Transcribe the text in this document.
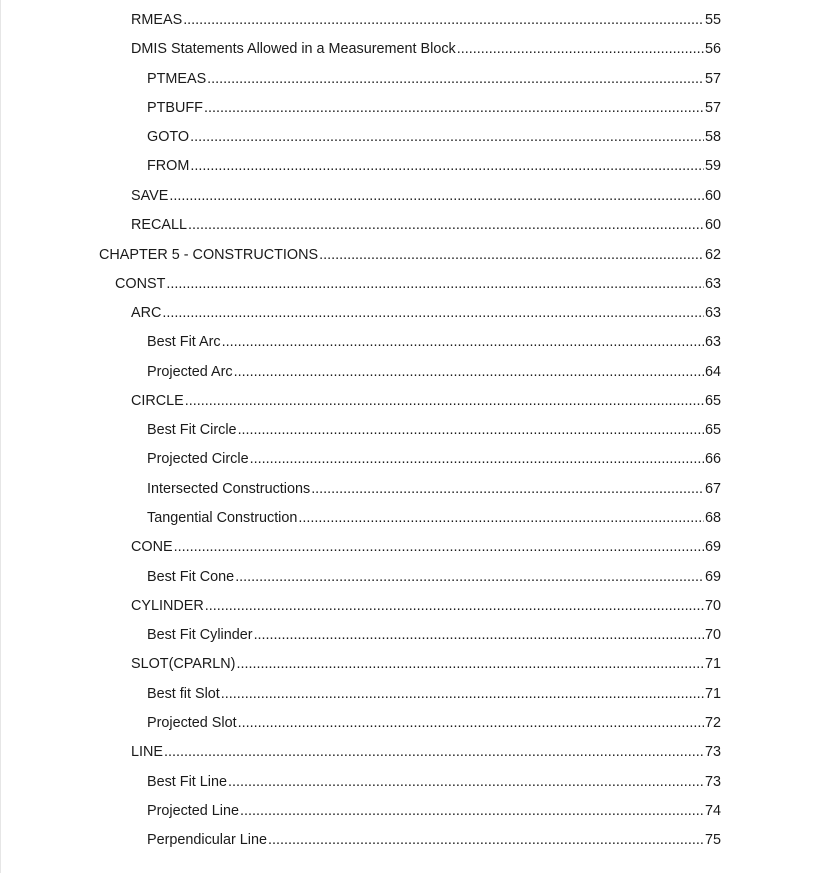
RMEAS .....	55
DMIS Statements Allowed in a Measurement Block .....	56
PTMEAS .....	57
PTBUFF .....	57
GOTO .....	58
FROM .....	59
SAVE .....	60
RECALL .....	60
CHAPTER 5 - CONSTRUCTIONS .....	62
CONST .....	63
ARC .....	63
Best Fit Arc .....	63
Projected Arc .....	64
CIRCLE .....	65
Best Fit Circle .....	65
Projected Circle .....	66
Intersected Constructions .....	67
Tangential Construction .....	68
CONE .....	69
Best Fit Cone .....	69
CYLINDER .....	70
Best Fit Cylinder .....	70
SLOT(CPARLN) .....	71
Best fit Slot .....	71
Projected Slot .....	72
LINE .....	73
Best Fit Line .....	73
Projected Line .....	74
Perpendicular Line .....	75
